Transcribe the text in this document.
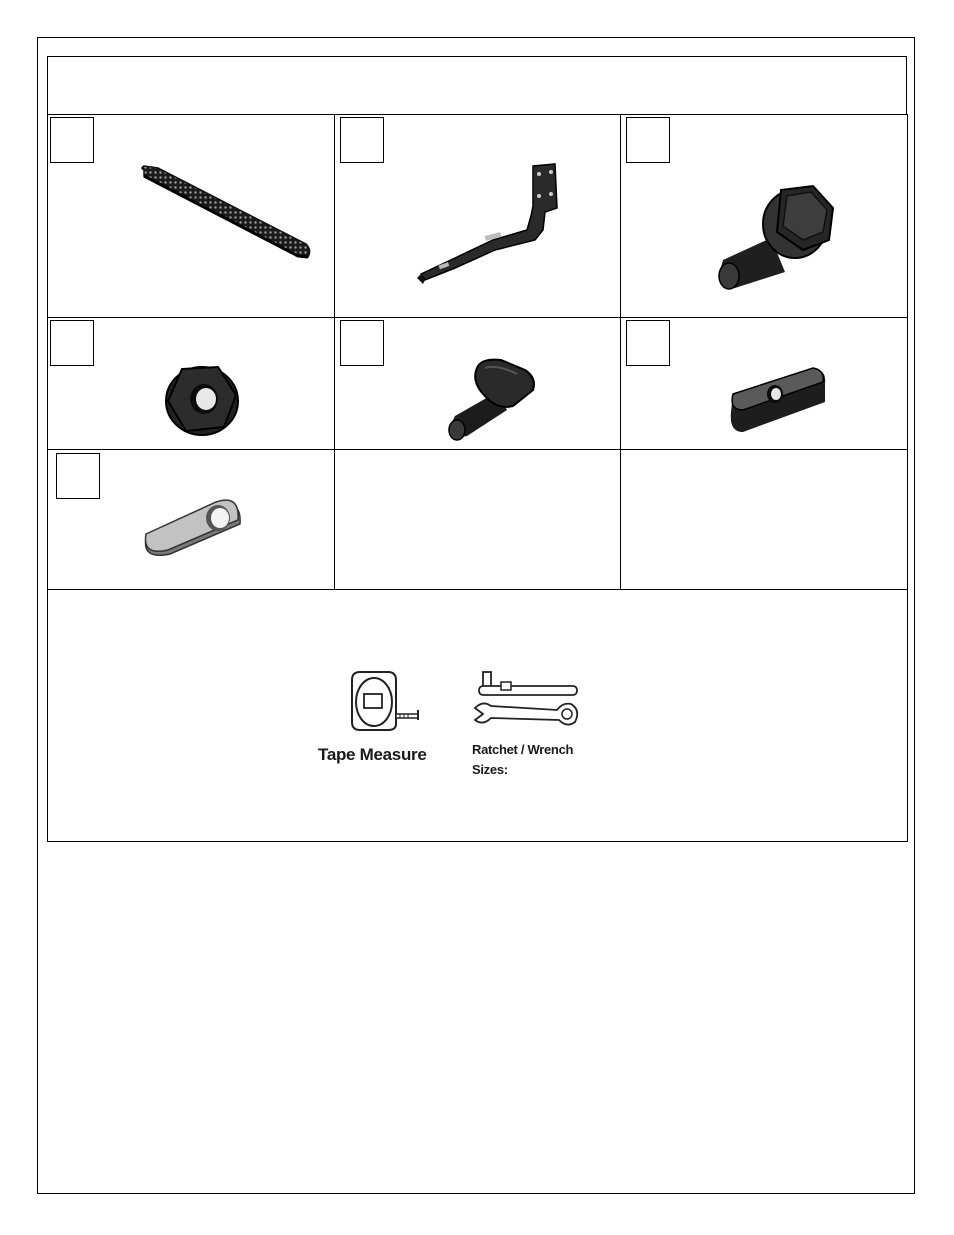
Tape Measure	Ratchet / Wrench
Sizes:
